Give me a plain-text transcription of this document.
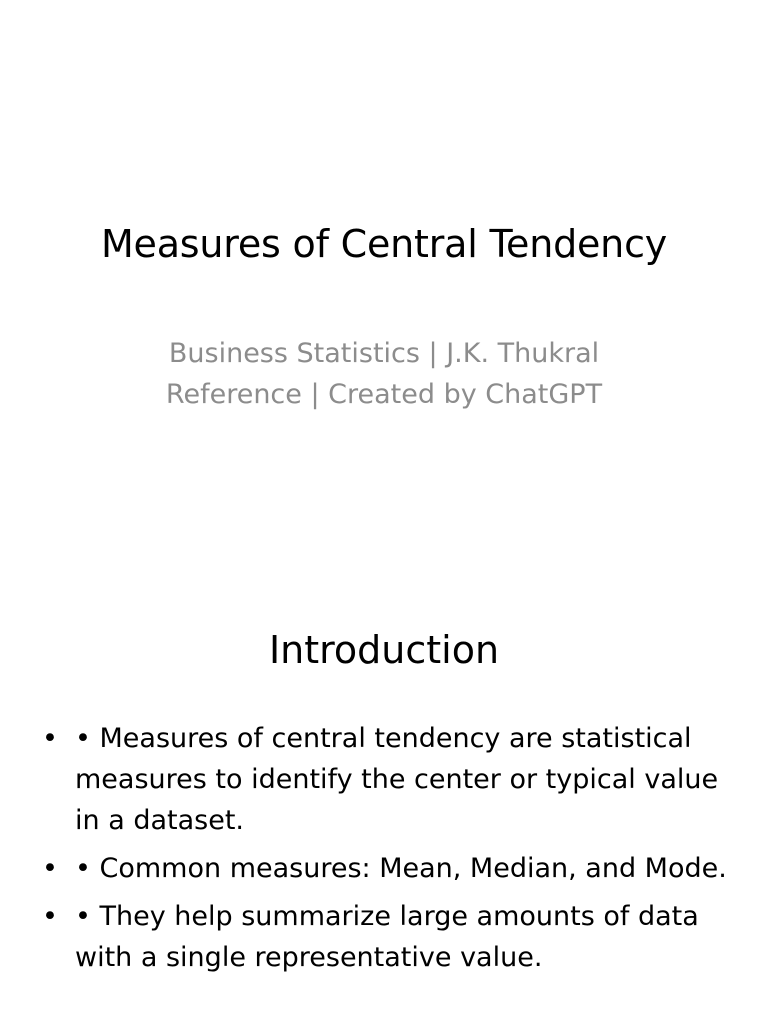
Measures of Central Tendency

Business Statistics | J.K. Thukral
Reference | Created by ChatGPT

Introduction
• • Measures of central tendency are statistical measures to identify the center or typical value in a dataset.
• • Common measures: Mean, Median, and Mode.
• • They help summarize large amounts of data with a single representative value.
